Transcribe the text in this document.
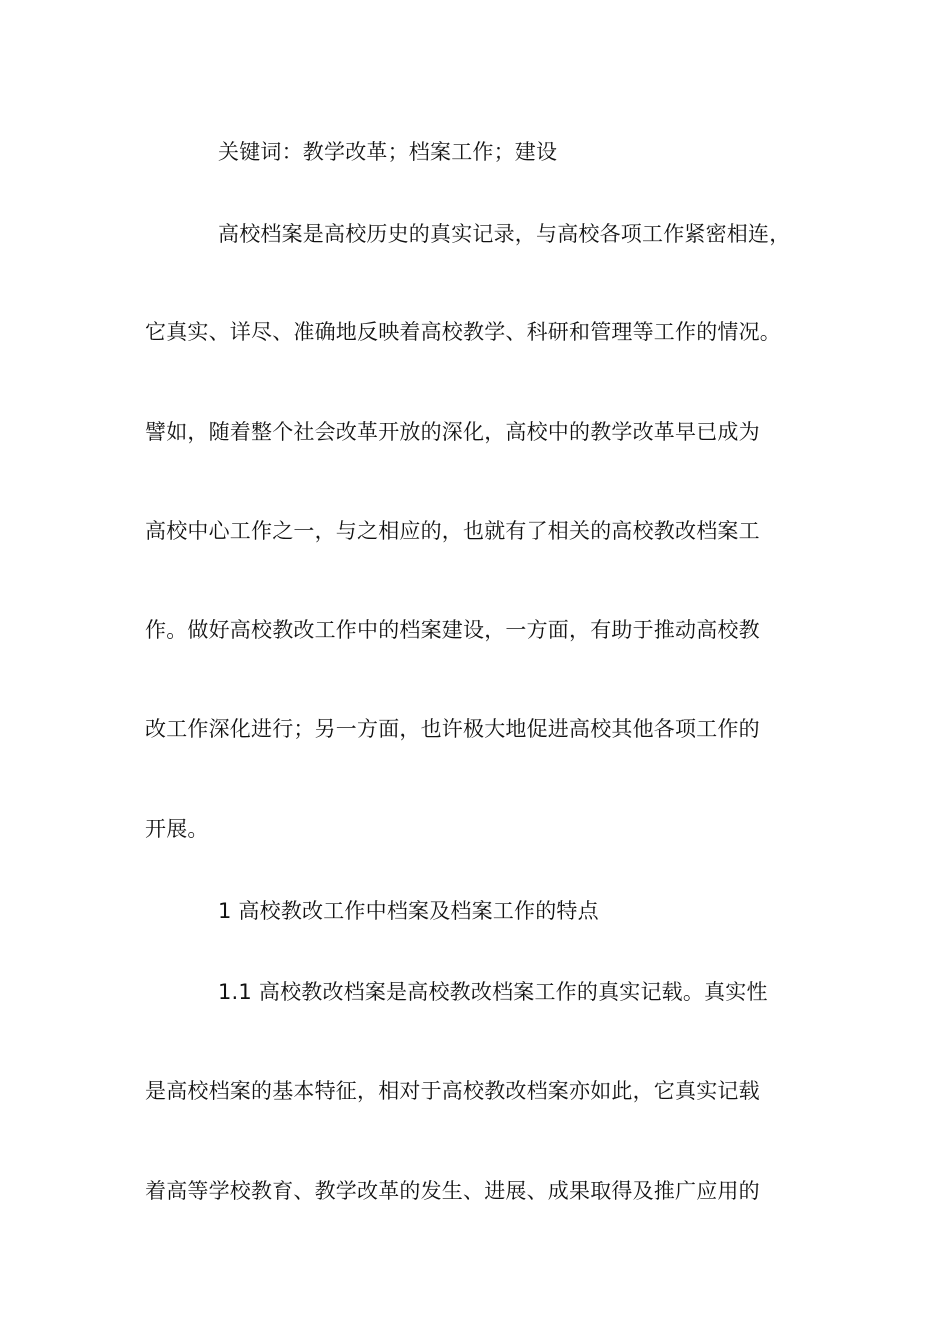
关键词：教学改革；档案工作；建设
高校档案是高校历史的真实记录，与高校各项工作紧密相连，
它真实、详尽、准确地反映着高校教学、科研和管理等工作的情况。
譬如，随着整个社会改革开放的深化，高校中的教学改革早已成为
高校中心工作之一，与之相应的，也就有了相关的高校教改档案工
作。做好高校教改工作中的档案建设，一方面，有助于推动高校教
改工作深化进行；另一方面，也许极大地促进高校其他各项工作的
开展。
1 高校教改工作中档案及档案工作的特点
1.1 高校教改档案是高校教改档案工作的真实记载。真实性
是高校档案的基本特征，相对于高校教改档案亦如此，它真实记载
着高等学校教育、教学改革的发生、进展、成果取得及推广应用的
